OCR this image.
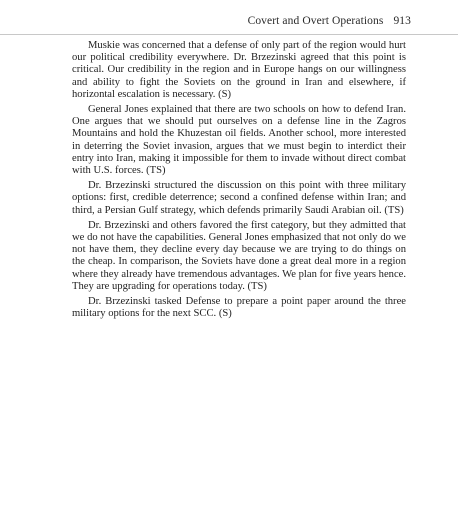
Covert and Overt Operations 913

Muskie was concerned that a defense of only part of the region would hurt our political credibility everywhere. Dr. Brzezinski agreed that this point is critical. Our credibility in the region and in Europe hangs on our willingness and ability to fight the Soviets on the ground in Iran and elsewhere, if horizontal escalation is necessary. (S)

General Jones explained that there are two schools on how to defend Iran. One argues that we should put ourselves on a defense line in the Zagros Mountains and hold the Khuzestan oil fields. Another school, more interested in deterring the Soviet invasion, argues that we must begin to interdict their entry into Iran, making it impossible for them to invade without direct combat with U.S. forces. (TS)

Dr. Brzezinski structured the discussion on this point with three military options: first, credible deterrence; second a confined defense within Iran; and third, a Persian Gulf strategy, which defends primarily Saudi Arabian oil. (TS)

Dr. Brzezinski and others favored the first category, but they admitted that we do not have the capabilities. General Jones emphasized that not only do we not have them, they decline every day because we are trying to do things on the cheap. In comparison, the Soviets have done a great deal more in a region where they already have tremendous advantages. We plan for five years hence. They are upgrading for operations today. (TS)

Dr. Brzezinski tasked Defense to prepare a point paper around the three military options for the next SCC. (S)
